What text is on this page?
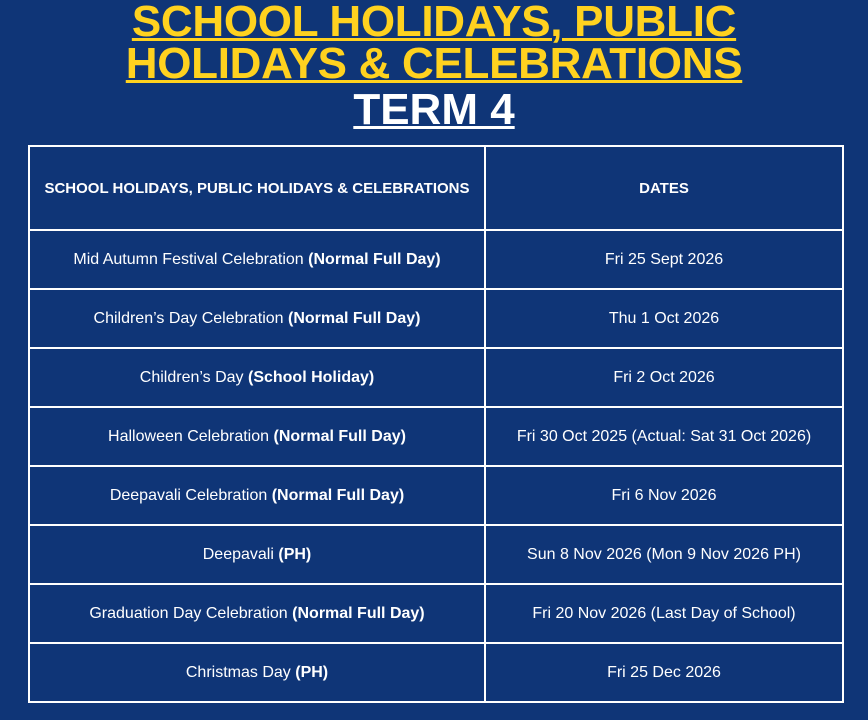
SCHOOL HOLIDAYS, PUBLIC
HOLIDAYS & CELEBRATIONS
TERM 4
SCHOOL HOLIDAYS, PUBLIC HOLIDAYS & CELEBRATIONS	DATES
Mid Autumn Festival Celebration (Normal Full Day)	Fri 25 Sept 2026
Children’s Day Celebration (Normal Full Day)	Thu 1 Oct 2026
Children’s Day (School Holiday)	Fri 2 Oct 2026
Halloween Celebration (Normal Full Day)	Fri 30 Oct 2025 (Actual: Sat 31 Oct 2026)
Deepavali Celebration (Normal Full Day)	Fri 6 Nov 2026
Deepavali (PH)	Sun 8 Nov 2026 (Mon 9 Nov 2026 PH)
Graduation Day Celebration (Normal Full Day)	Fri 20 Nov 2026 (Last Day of School)
Christmas Day (PH)	Fri 25 Dec 2026
